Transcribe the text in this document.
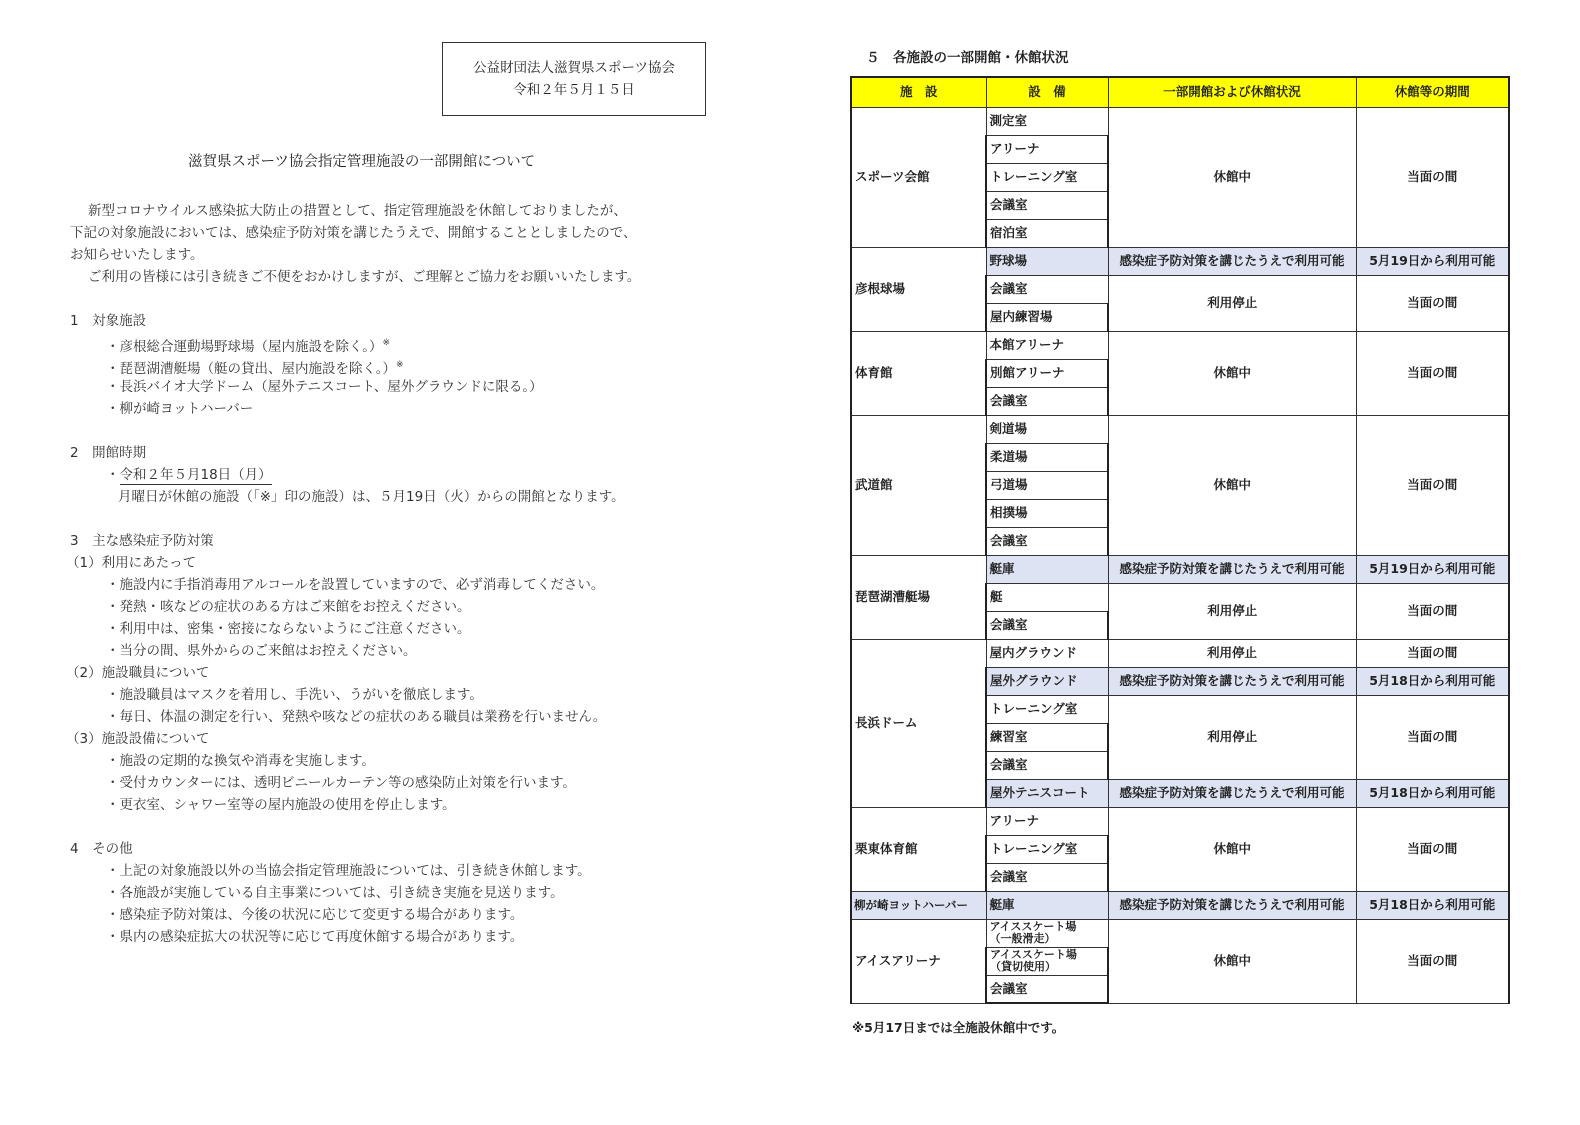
公益財団法人滋賀県スポーツ協会
令和２年５月１５日
滋賀県スポーツ協会指定管理施設の一部開館について
新型コロナウイルス感染拡大防止の措置として、指定管理施設を休館しておりましたが、
下記の対象施設においては、感染症予防対策を講じたうえで、開館することとしましたので、
お知らせいたします。
ご利用の皆様には引き続きご不便をおかけしますが、ご理解とご協力をお願いいたします。
1　対象施設
・彦根総合運動場野球場（屋内施設を除く。）※
・琵琶湖漕艇場（艇の貸出、屋内施設を除く。）※
・長浜バイオ大学ドーム（屋外テニスコート、屋外グラウンドに限る。）
・柳が崎ヨットハーバー
2　開館時期
・令和２年５月18日（月）
月曜日が休館の施設（「※」印の施設）は、５月19日（火）からの開館となります。
3　主な感染症予防対策
（1）利用にあたって
・施設内に手指消毒用アルコールを設置していますので、必ず消毒してください。
・発熱・咳などの症状のある方はご来館をお控えください。
・利用中は、密集・密接にならないようにご注意ください。
・当分の間、県外からのご来館はお控えください。
（2）施設職員について
・施設職員はマスクを着用し、手洗い、うがいを徹底します。
・毎日、体温の測定を行い、発熱や咳などの症状のある職員は業務を行いません。
（3）施設設備について
・施設の定期的な換気や消毒を実施します。
・受付カウンターには、透明ビニールカーテン等の感染防止対策を行います。
・更衣室、シャワー室等の屋内施設の使用を停止します。
4　その他
・上記の対象施設以外の当協会指定管理施設については、引き続き休館します。
・各施設が実施している自主事業については、引き続き実施を見送ります。
・感染症予防対策は、今後の状況に応じて変更する場合があります。
・県内の感染症拡大の状況等に応じて再度休館する場合があります。
５　各施設の一部開館・休館状況
施　設	設　備	一部開館および休館状況	休館等の期間
スポーツ会館	測定室	休館中	当面の間
	アリーナ		
	トレーニング室		
	会議室		
	宿泊室		
彦根球場	野球場	感染症予防対策を講じたうえで利用可能	5月19日から利用可能
	会議室	利用停止	当面の間
	屋内練習場		
体育館	本館アリーナ	休館中	当面の間
	別館アリーナ		
	会議室		
武道館	剣道場	休館中	当面の間
	柔道場		
	弓道場		
	相撲場		
	会議室		
琵琶湖漕艇場	艇庫	感染症予防対策を講じたうえで利用可能	5月19日から利用可能
	艇	利用停止	当面の間
	会議室		
長浜ドーム	屋内グラウンド	利用停止	当面の間
	屋外グラウンド	感染症予防対策を講じたうえで利用可能	5月18日から利用可能
	トレーニング室	利用停止	当面の間
	練習室		
	会議室		
	屋外テニスコート	感染症予防対策を講じたうえで利用可能	5月18日から利用可能
栗東体育館	アリーナ	休館中	当面の間
	トレーニング室		
	会議室		
柳が崎ヨットハーバー	艇庫	感染症予防対策を講じたうえで利用可能	5月18日から利用可能
アイスアリーナ	アイススケート場
（一般滑走）	休館中	当面の間
	アイススケート場
（貸切使用）		
	会議室		
※5月17日までは全施設休館中です。
